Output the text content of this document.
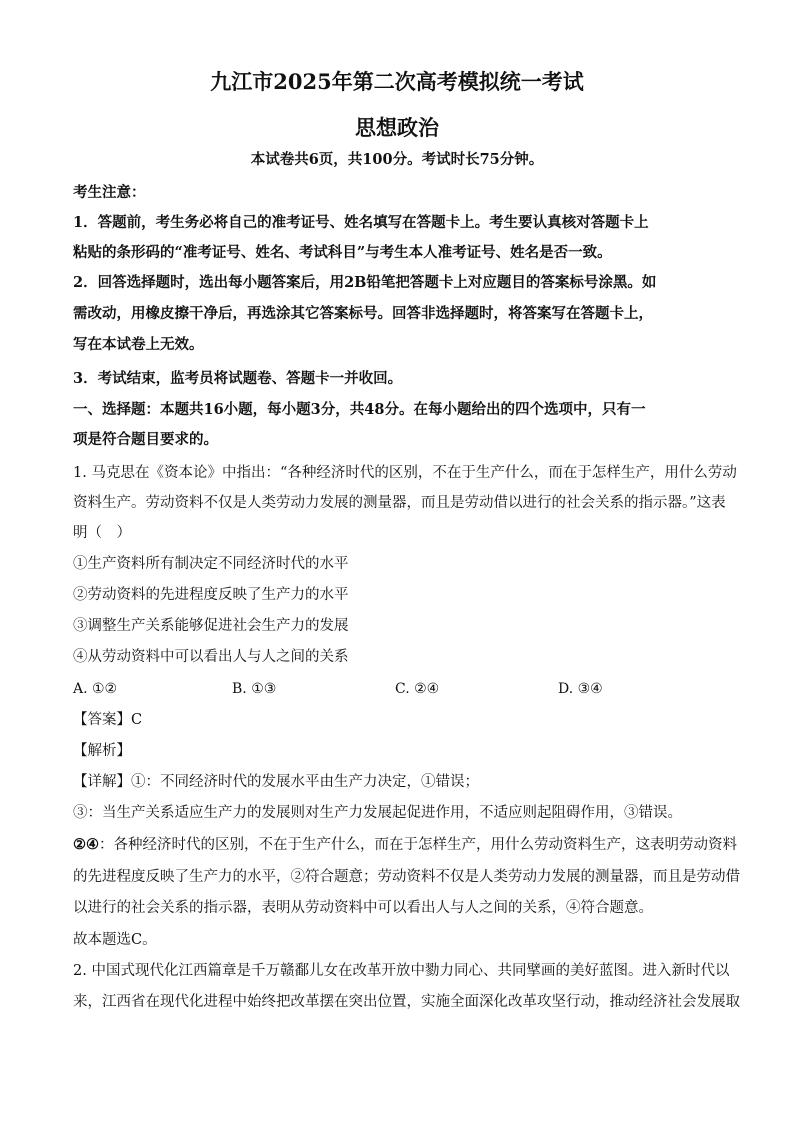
九江市2025年第二次高考模拟统一考试
思想政治
本试卷共6页，共100分。考试时长75分钟。
考生注意：
1．答题前，考生务必将自己的准考证号、姓名填写在答题卡上。考生要认真核对答题卡上
粘贴的条形码的“准考证号、姓名、考试科目”与考生本人准考证号、姓名是否一致。
2．回答选择题时，选出每小题答案后，用2B铅笔把答题卡上对应题目的答案标号涂黑。如
需改动，用橡皮擦干净后，再选涂其它答案标号。回答非选择题时，将答案写在答题卡上，
写在本试卷上无效。
3．考试结束，监考员将试题卷、答题卡一并收回。
一、选择题：本题共16小题，每小题3分，共48分。在每小题给出的四个选项中，只有一
项是符合题目要求的。
1. 马克思在《资本论》中指出：“各种经济时代的区别，不在于生产什么，而在于怎样生产，用什么劳动
资料生产。劳动资料不仅是人类劳动力发展的测量器，而且是劳动借以进行的社会关系的指示器。”这表
明（　）
①生产资料所有制决定不同经济时代的水平
②劳动资料的先进程度反映了生产力的水平
③调整生产关系能够促进社会生产力的发展
④从劳动资料中可以看出人与人之间的关系
A. ①②	B. ①③	C. ②④	D. ③④
【答案】C
【解析】
【详解】①：不同经济时代的发展水平由生产力决定，①错误；
③：当生产关系适应生产力的发展则对生产力发展起促进作用，不适应则起阻碍作用，③错误。
②④：各种经济时代的区别，不在于生产什么，而在于怎样生产，用什么劳动资料生产，这表明劳动资料
的先进程度反映了生产力的水平，②符合题意；劳动资料不仅是人类劳动力发展的测量器，而且是劳动借
以进行的社会关系的指示器，表明从劳动资料中可以看出人与人之间的关系，④符合题意。
故本题选C。
2. 中国式现代化江西篇章是千万赣鄱儿女在改革开放中勠力同心、共同擘画的美好蓝图。进入新时代以
来，江西省在现代化进程中始终把改革摆在突出位置，实施全面深化改革攻坚行动，推动经济社会发展取
